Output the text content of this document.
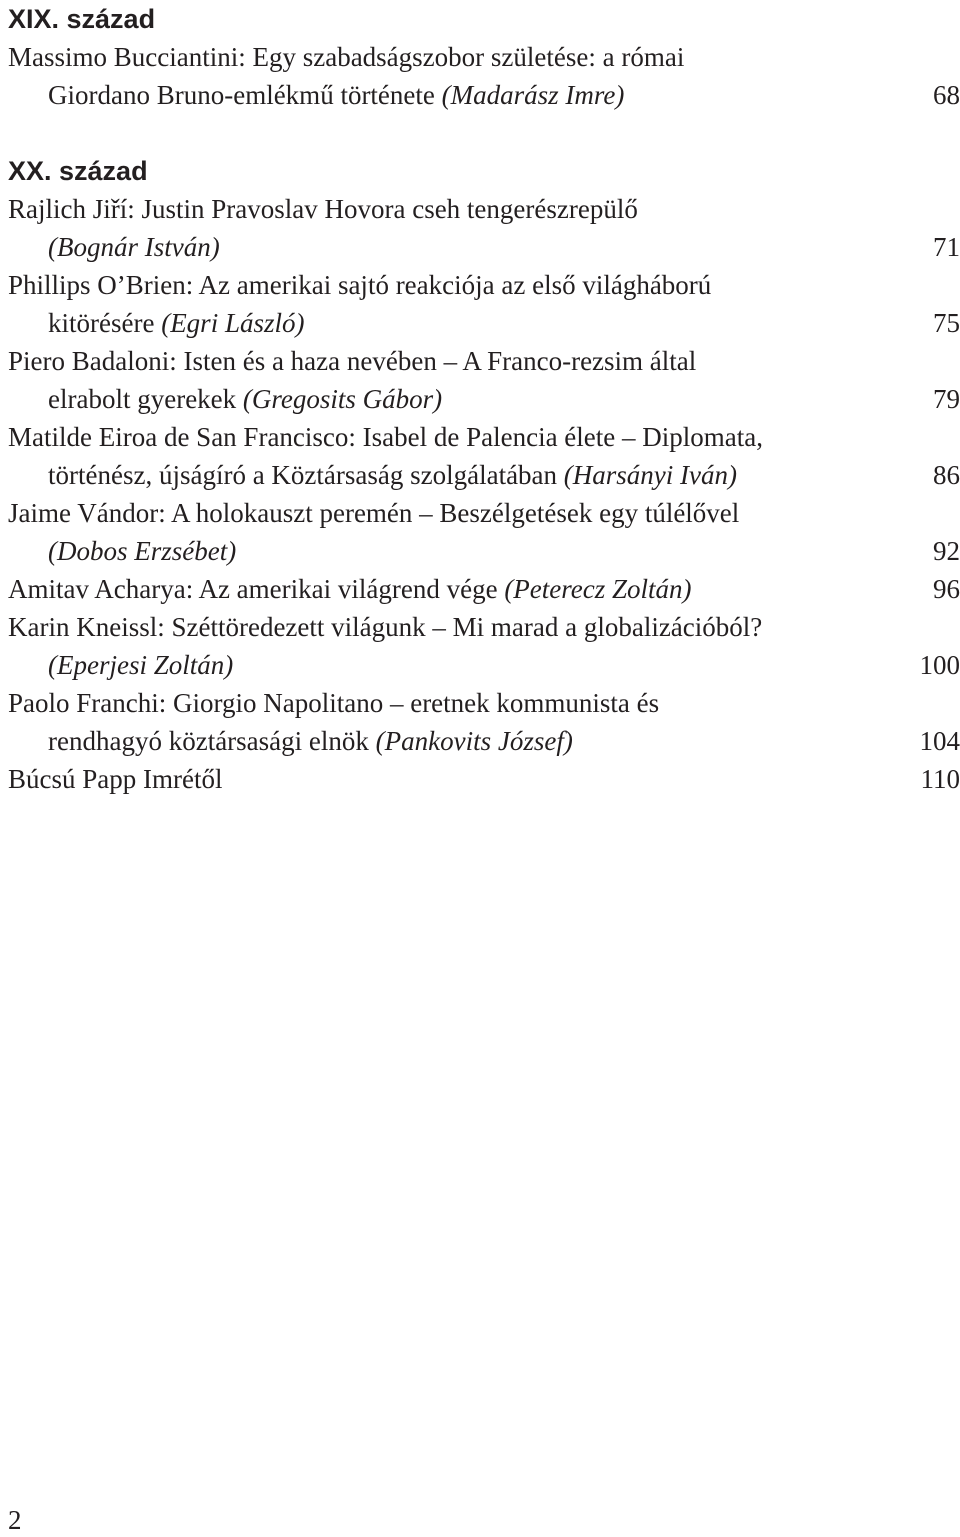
XIX. század
Massimo Bucciantini: Egy szabadságszobor születése: a római
Giordano Bruno-emlékmű története (Madarász Imre)	68
XX. század
Rajlich Jiří: Justin Pravoslav Hovora cseh tengerészrepülő
(Bognár István)	71
Phillips O’Brien: Az amerikai sajtó reakciója az első világháború
kitörésére (Egri László)	75
Piero Badaloni: Isten és a haza nevében – A Franco-rezsim által
elrabolt gyerekek (Gregosits Gábor)	79
Matilde Eiroa de San Francisco: Isabel de Palencia élete – Diplomata,
történész, újságíró a Köztársaság szolgálatában (Harsányi Iván)	86
Jaime Vándor: A holokauszt peremén – Beszélgetések egy túlélővel
(Dobos Erzsébet)	92
Amitav Acharya: Az amerikai világrend vége (Peterecz Zoltán)	96
Karin Kneissl: Széttöredezett világunk – Mi marad a globalizációból?
(Eperjesi Zoltán)	100
Paolo Franchi: Giorgio Napolitano – eretnek kommunista és
rendhagyó köztársasági elnök (Pankovits József)	104
Búcsú Papp Imrétől	110
2
